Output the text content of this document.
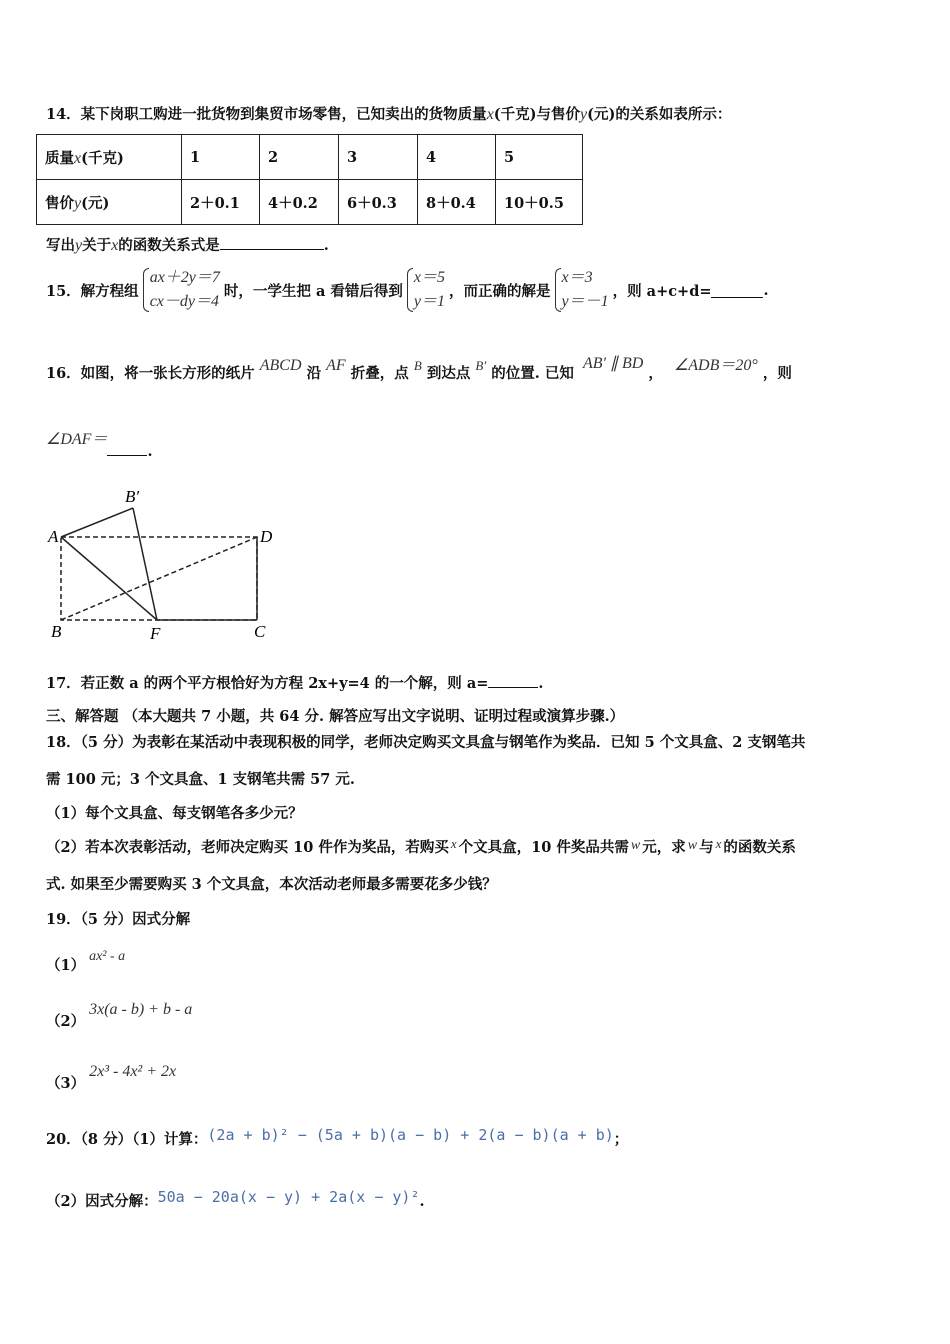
14．某下岗职工购进一批货物到集贸市场零售，已知卖出的货物质量x(千克)与售价y(元)的关系如表所示：
质量x(千克)	1	2	3	4	5
售价y(元)	2＋0.1	4＋0.2	6＋0.3	8＋0.4	10＋0.5
写出y关于x的函数关系式是	.
15．解方程组
ax＋2y＝7
cx－dy＝4
时，一学生把 a 看错后得到
x＝5
y＝1
，而正确的解是
x＝3
y＝－1
，则 a+c+d=	.
16．如图，将一张长方形的纸片 ABCD 沿 AF 折叠，点 B 到达点 B′ 的位置. 已知 AB′ ∥ BD ， ∠ADB＝20° ，则
∠DAF＝.
A
B′
D
B	F	C
17．若正数 a 的两个平方根恰好为方程 2x+y=4 的一个解，则 a=	.
三、解答题 （本大题共 7 小题，共 64 分. 解答应写出文字说明、证明过程或演算步骤.）
18．（5 分）为表彰在某活动中表现积极的同学，老师决定购买文具盒与钢笔作为奖品．已知 5 个文具盒、2 支钢笔共
需 100 元；3 个文具盒、1 支钢笔共需 57 元.
（1）每个文具盒、每支钢笔各多少元？
（2）若本次表彰活动，老师决定购买 10 件作为奖品，若购买 x 个文具盒，10 件奖品共需 w 元，求 w 与 x 的函数关系
式. 如果至少需要购买 3 个文具盒，本次活动老师最多需要花多少钱？
19．（5 分）因式分解
（1）ax² - a
（2）3x(a - b) + b - a
（3）2x³ - 4x² + 2x
20．（8 分）（1）计算：(2a + b)² − (5a + b)(a − b) + 2(a − b)(a + b)；
（2）因式分解：50a − 20a(x − y) + 2a(x − y)².
